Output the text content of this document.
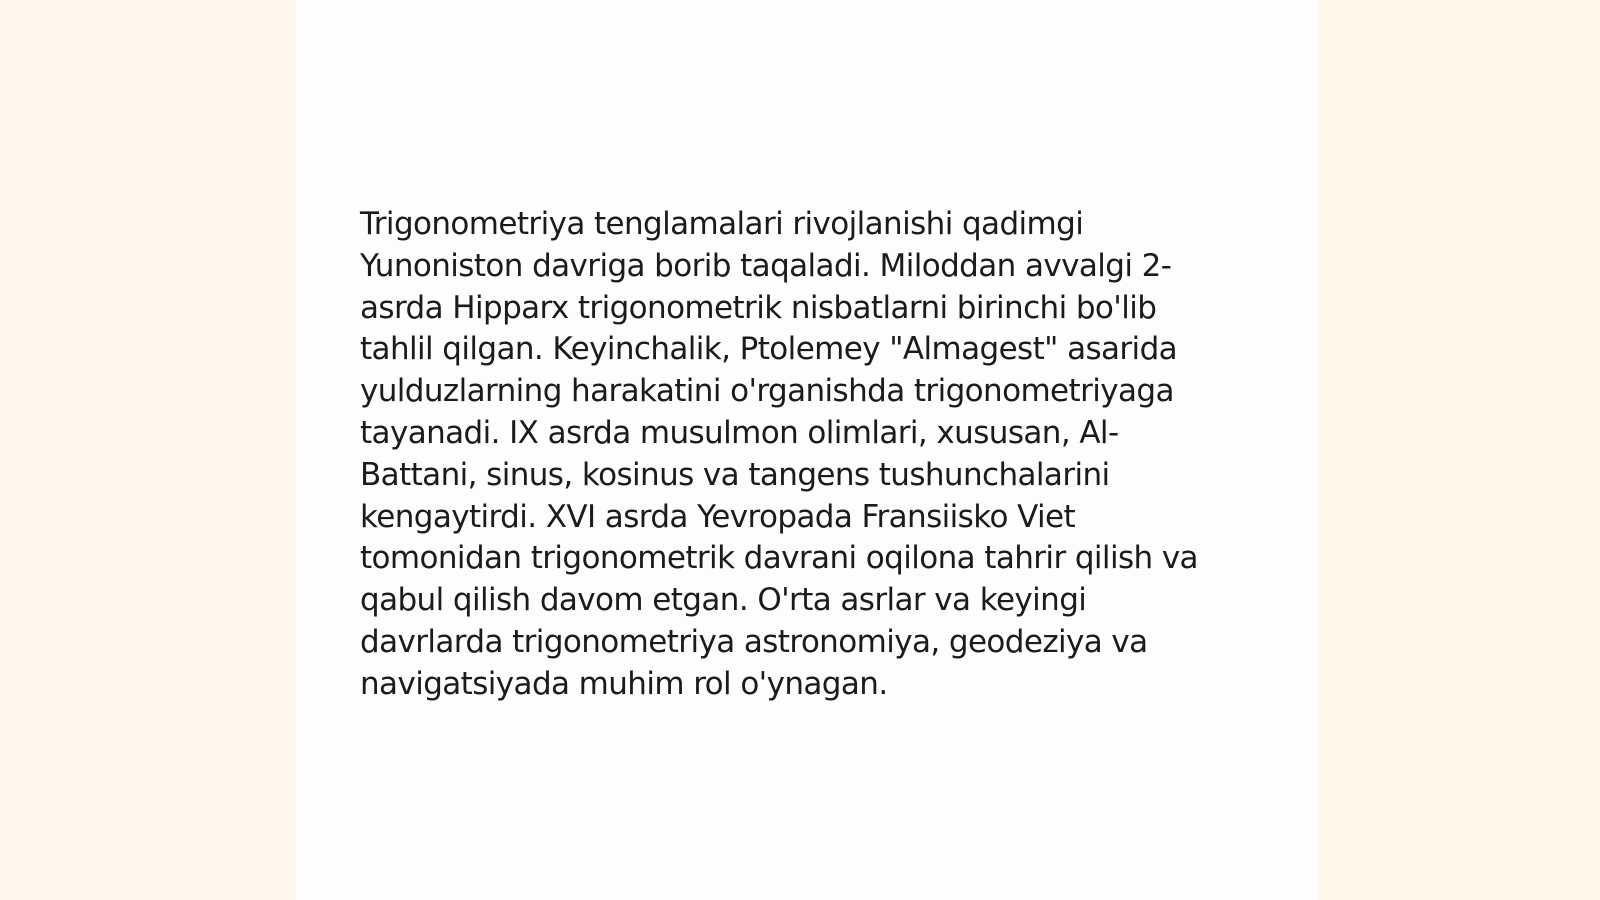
Trigonometriya tenglamalari rivojlanishi qadimgi Yunoniston davriga borib taqaladi. Miloddan avvalgi 2-asrda Hipparx trigonometrik nisbatlarni birinchi bo'lib tahlil qilgan. Keyinchalik, Ptolemey "Almagest" asarida yulduzlarning harakatini o'rganishda trigonometriyaga tayanadi. IX asrda musulmon olimlari, xususan, Al-Battani, sinus, kosinus va tangens tushunchalarini kengaytirdi. XVI asrda Yevropada Fransiisko Viet tomonidan trigonometrik davrani oqilona tahrir qilish va qabul qilish davom etgan. O'rta asrlar va keyingi davrlarda trigonometriya astronomiya, geodeziya va navigatsiyada muhim rol o'ynagan.
